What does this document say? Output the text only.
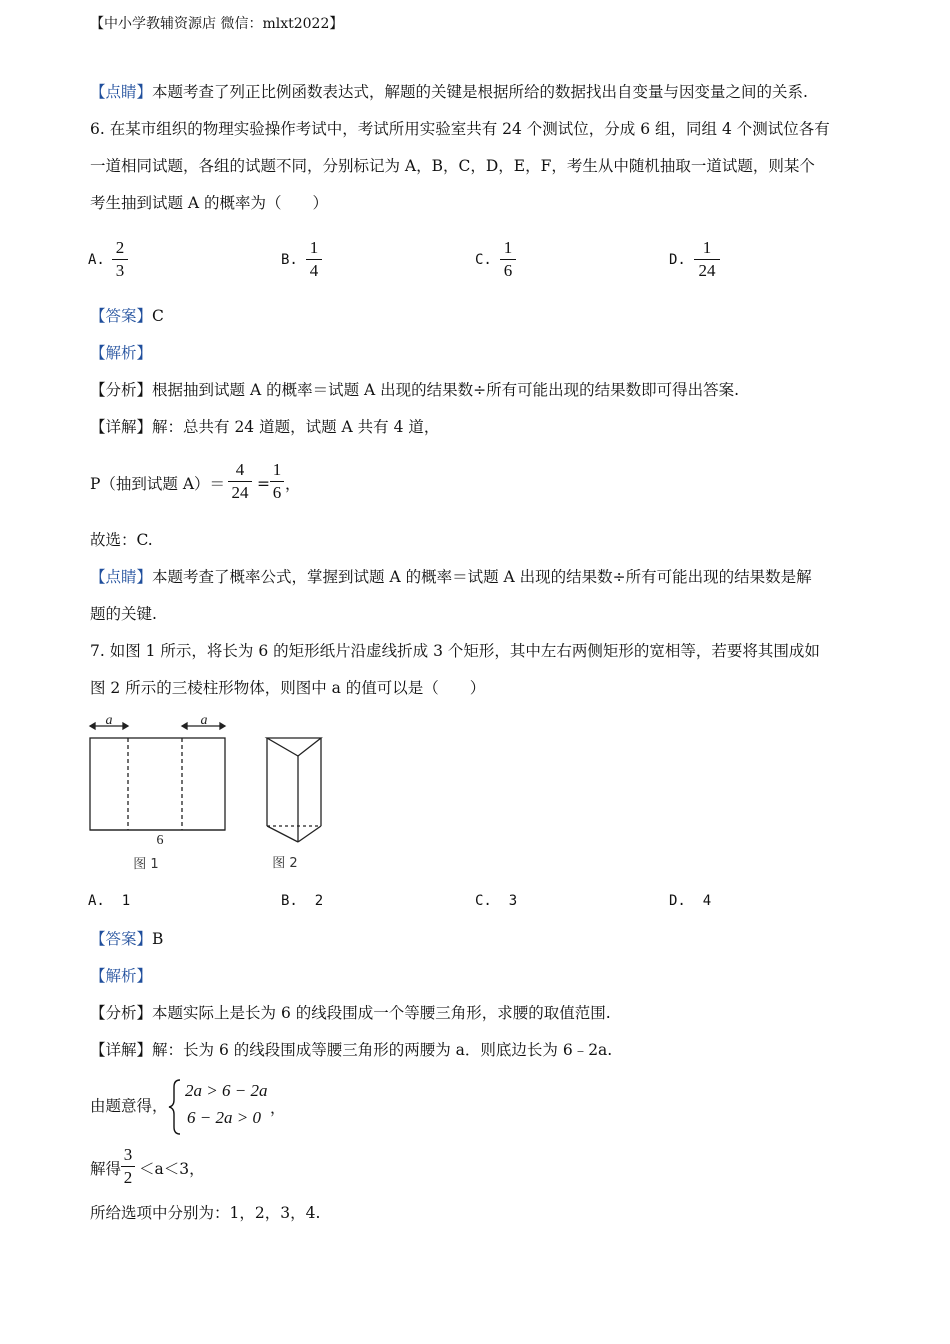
【中小学教辅资源店 微信：mlxt2022】
【点睛】本题考查了列正比例函数表达式，解题的关键是根据所给的数据找出自变量与因变量之间的关系.
6. 在某市组织的物理实验操作考试中，考试所用实验室共有 24 个测试位，分成 6 组，同组 4 个测试位各有
一道相同试题，各组的试题不同，分别标记为 A，B，C，D，E，F，考生从中随机抽取一道试题，则某个
考生抽到试题 A 的概率为（　　）
A.
2
3
B.
1
4
C.
1
6
D.
1
24
【答案】C
【解析】
【分析】根据抽到试题 A 的概率＝试题 A 出现的结果数÷所有可能出现的结果数即可得出答案.
【详解】解：总共有 24 道题，试题 A 共有 4 道，
P（抽到试题 A）＝
4
24 =
1
6 ，
故选：C.
【点睛】本题考查了概率公式，掌握到试题 A 的概率＝试题 A 出现的结果数÷所有可能出现的结果数是解
题的关键.
7. 如图 1 所示，将长为 6 的矩形纸片沿虚线折成 3 个矩形，其中左右两侧矩形的宽相等，若要将其围成如
图 2 所示的三棱柱形物体，则图中 a 的值可以是（　　）
a	a
6
图 1	图 2
A. 1	B. 2	C. 3	D. 4
【答案】B
【解析】
【分析】本题实际上是长为 6 的线段围成一个等腰三角形，求腰的取值范围.
【详解】解：长为 6 的线段围成等腰三角形的两腰为 a．则底边长为 6﹣2a.
由题意得，
2a > 6 − 2a
6 − 2a > 0 ，
解得
3
2 ＜a＜3，
所给选项中分别为：1，2，3，4.
